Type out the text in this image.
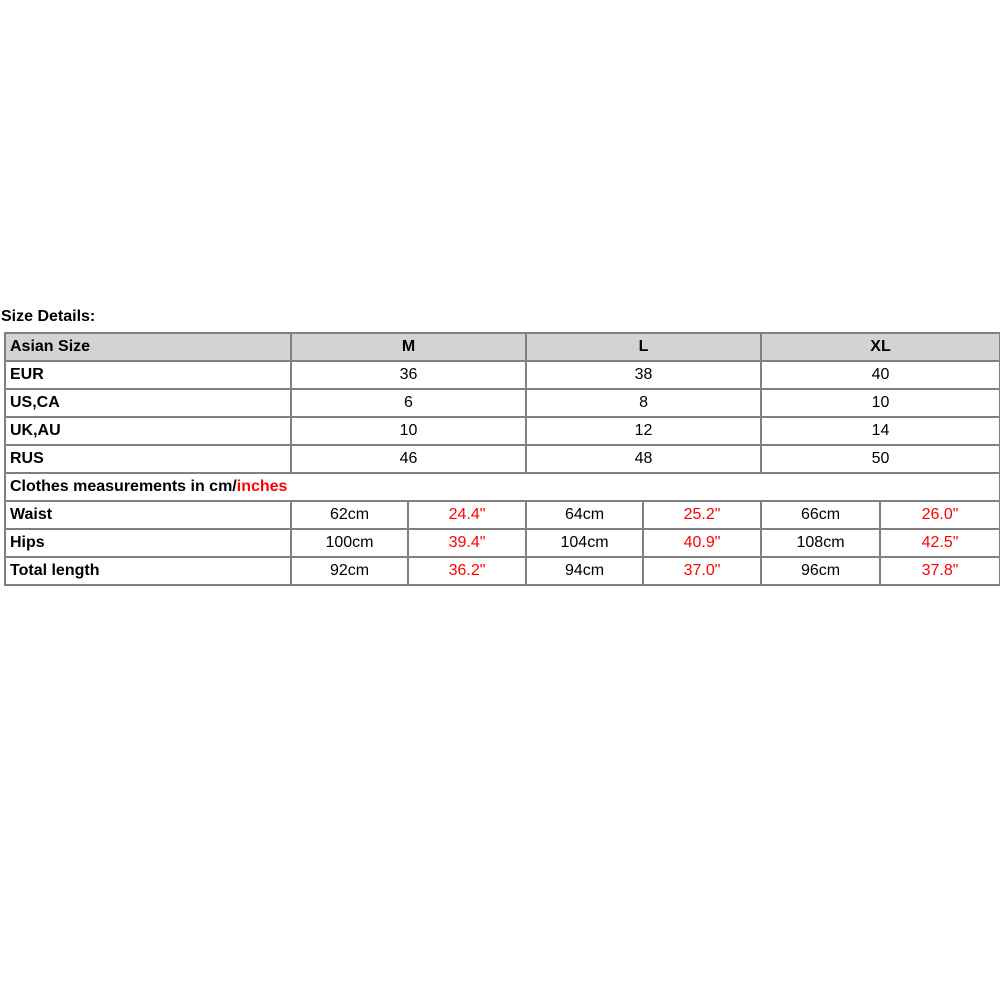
Size Details:
Asian Size	M		L		XL	
EUR	36		38		40	
US,CA	6		8		10	
UK,AU	10		12		14	
RUS	46		48		50	
Clothes measurements in cm/inches						
Waist	62cm	24.4"	64cm	25.2"	66cm	26.0"
Hips	100cm	39.4"	104cm	40.9"	108cm	42.5"
Total length	92cm	36.2"	94cm	37.0"	96cm	37.8"
